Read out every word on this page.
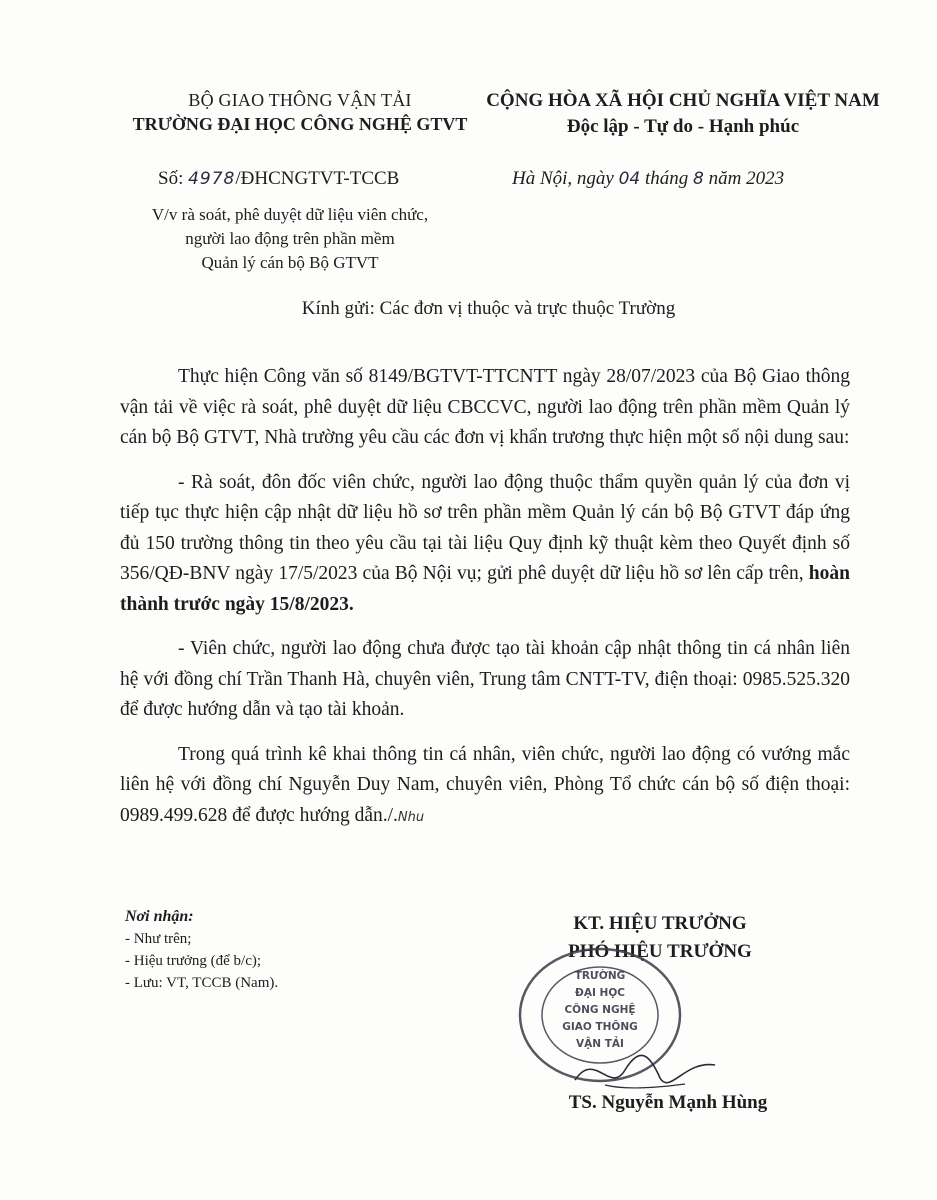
BỘ GIAO THÔNG VẬN TẢI
TRƯỜNG ĐẠI HỌC CÔNG NGHỆ GTVT
CỘNG HÒA XÃ HỘI CHỦ NGHĨA VIỆT NAM
Độc lập - Tự do - Hạnh phúc
Số: 4978/ĐHCNGTVT-TCCB	Hà Nội, ngày 04 tháng 8 năm 2023
V/v rà soát, phê duyệt dữ liệu viên chức,
người lao động trên phần mềm
Quản lý cán bộ Bộ GTVT
Kính gửi: Các đơn vị thuộc và trực thuộc Trường

Thực hiện Công văn số 8149/BGTVT-TTCNTT ngày 28/07/2023 của Bộ Giao thông vận tải về việc rà soát, phê duyệt dữ liệu CBCCVC, người lao động trên phần mềm Quản lý cán bộ Bộ GTVT, Nhà trường yêu cầu các đơn vị khẩn trương thực hiện một số nội dung sau:

- Rà soát, đôn đốc viên chức, người lao động thuộc thẩm quyền quản lý của đơn vị tiếp tục thực hiện cập nhật dữ liệu hồ sơ trên phần mềm Quản lý cán bộ Bộ GTVT đáp ứng đủ 150 trường thông tin theo yêu cầu tại tài liệu Quy định kỹ thuật kèm theo Quyết định số 356/QĐ-BNV ngày 17/5/2023 của Bộ Nội vụ; gửi phê duyệt dữ liệu hồ sơ lên cấp trên, hoàn thành trước ngày 15/8/2023.

- Viên chức, người lao động chưa được tạo tài khoản cập nhật thông tin cá nhân liên hệ với đồng chí Trần Thanh Hà, chuyên viên, Trung tâm CNTT-TV, điện thoại: 0985.525.320 để được hướng dẫn và tạo tài khoản.

Trong quá trình kê khai thông tin cá nhân, viên chức, người lao động có vướng mắc liên hệ với đồng chí Nguyễn Duy Nam, chuyên viên, Phòng Tổ chức cán bộ số điện thoại: 0989.499.628 để được hướng dẫn./.Nhu

Nơi nhận:
- Như trên;
- Hiệu trưởng (để b/c);
- Lưu: VT, TCCB (Nam).
KT. HIỆU TRƯỞNG
PHÓ HIỆU TRƯỞNG
TRƯỜNG
ĐẠI HỌC
CÔNG NGHỆ
GIAO THÔNG
VẬN TẢI
TS. Nguyễn Mạnh Hùng
